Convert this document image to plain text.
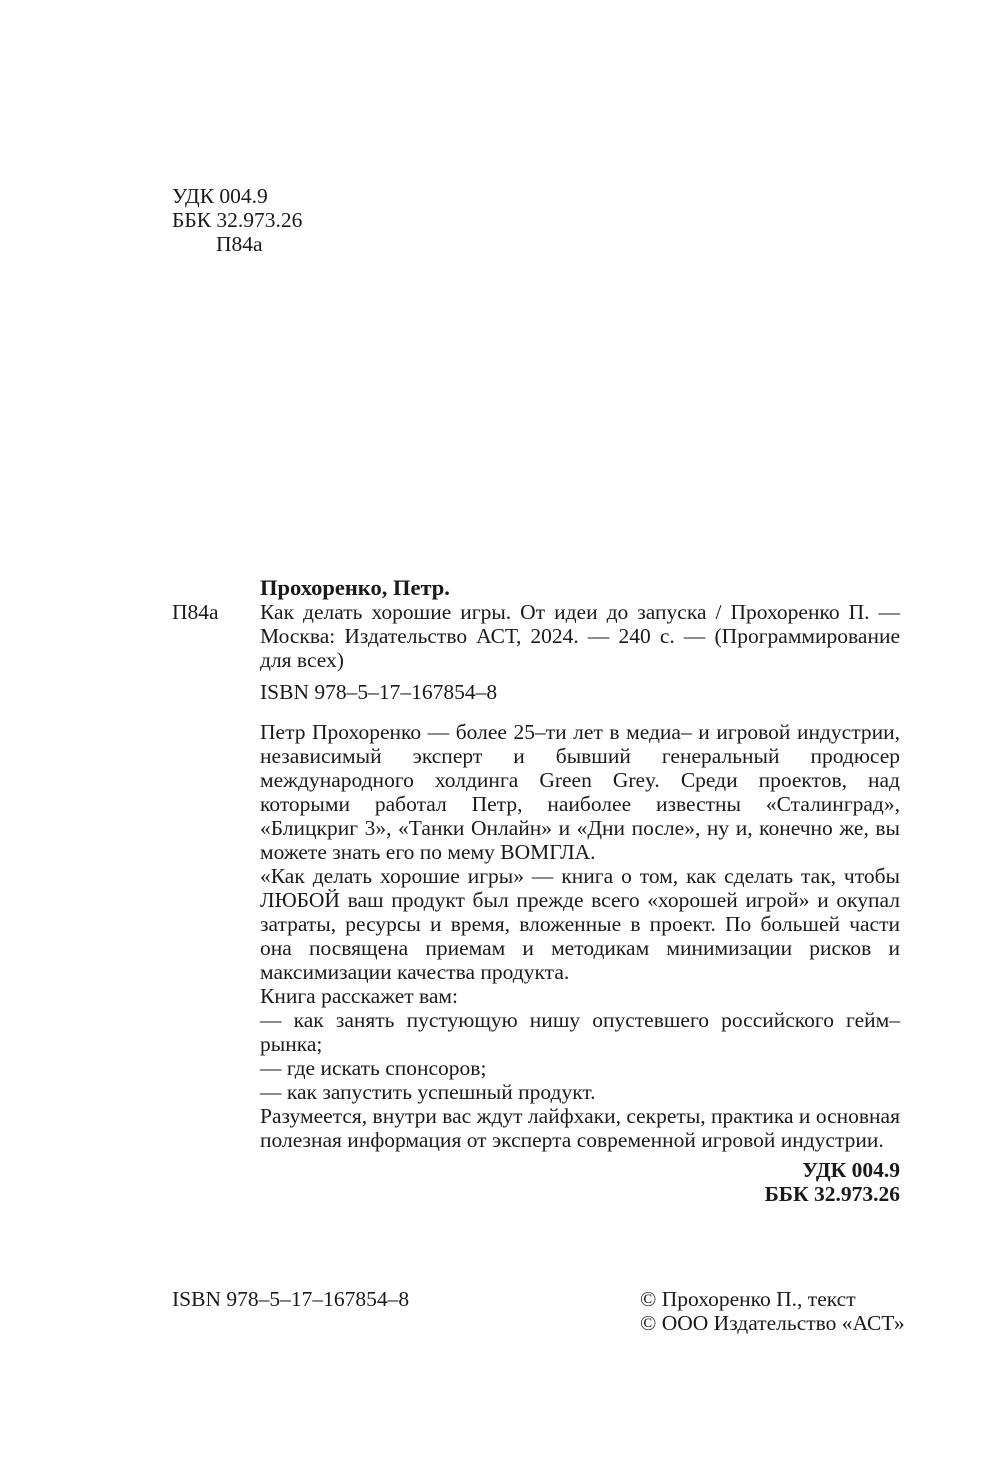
УДК 004.9
ББК 32.973.26
П84а
Прохоренко, Петр.
П84а Как делать хорошие игры. От идеи до запуска / Прохоренко П. — Москва: Издательство АСТ, 2024. — 240 с. — (Программирование для всех)
ISBN 978–5–17–167854–8
Петр Прохоренко — более 25–ти лет в медиа– и игровой индустрии, независимый эксперт и бывший генеральный продюсер международного холдинга Green Grey. Среди проектов, над которыми работал Петр, наиболее известны «Сталинград», «Блицкриг 3», «Танки Онлайн» и «Дни после», ну и, конечно же, вы можете знать его по мему ВОМГЛА.
«Как делать хорошие игры» — книга о том, как сделать так, чтобы ЛЮБОЙ ваш продукт был прежде всего «хорошей игрой» и окупал затраты, ресурсы и время, вложенные в проект. По большей части она посвящена приемам и методикам минимизации рисков и максимизации качества продукта.
Книга расскажет вам:
— как занять пустующую нишу опустевшего российского гейм–рынка;
— где искать спонсоров;
— как запустить успешный продукт.
Разумеется, внутри вас ждут лайфхаки, секреты, практика и основная полезная информация от эксперта современной игровой индустрии.
УДК 004.9
ББК 32.973.26
ISBN 978–5–17–167854–8	© Прохоренко П., текст
© ООО Издательство «АСТ»
